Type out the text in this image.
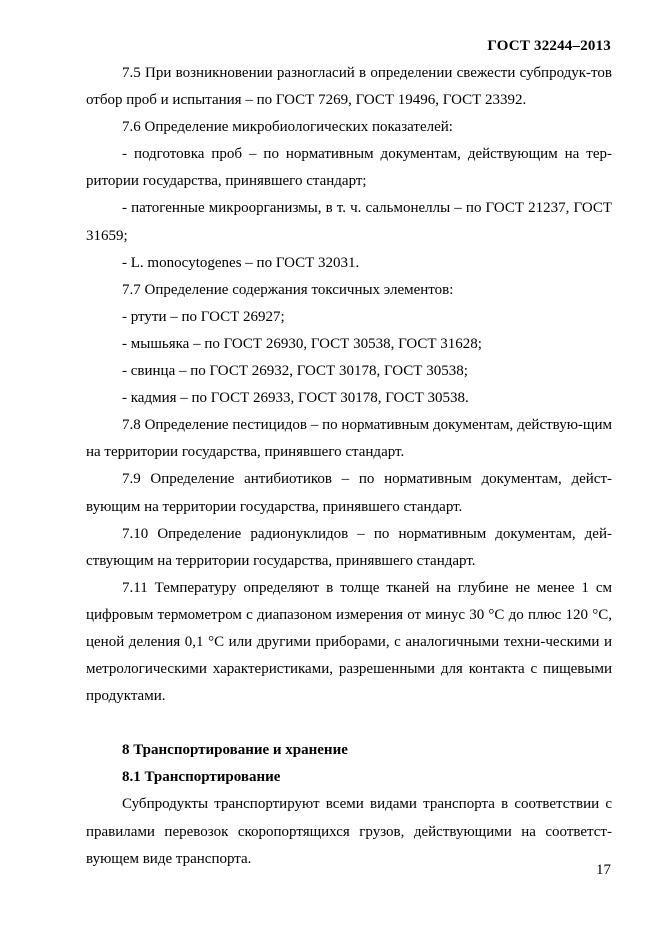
ГОСТ 32244–2013

7.5 При возникновении разногласий в определении свежести субпродук-тов отбор проб и испытания – по ГОСТ 7269, ГОСТ 19496, ГОСТ 23392.

7.6 Определение микробиологических показателей:

- подготовка проб – по нормативным документам, действующим на тер-ритории государства, принявшего стандарт;

- патогенные микроорганизмы, в т. ч. сальмонеллы – по ГОСТ 21237, ГОСТ 31659;

- L. monocytogenes – по ГОСТ 32031.

7.7 Определение содержания токсичных элементов:

- ртути – по ГОСТ 26927;

- мышьяка – по ГОСТ 26930, ГОСТ 30538, ГОСТ 31628;

- свинца – по ГОСТ 26932, ГОСТ 30178, ГОСТ 30538;

- кадмия – по ГОСТ 26933, ГОСТ 30178, ГОСТ 30538.

7.8 Определение пестицидов – по нормативным документам, действую-щим на территории государства, принявшего стандарт.

7.9 Определение антибиотиков – по нормативным документам, дейст-вующим на территории государства, принявшего стандарт.

7.10 Определение радионуклидов – по нормативным документам, дей-ствующим на территории государства, принявшего стандарт.

7.11 Температуру определяют в толще тканей на глубине не менее 1 см цифровым термометром с диапазоном измерения от минус 30 °С до плюс 120 °С, ценой деления 0,1 °С или другими приборами, с аналогичными техни-ческими и метрологическими характеристиками, разрешенными для контакта с пищевыми продуктами.

8 Транспортирование и хранение

8.1 Транспортирование

Субпродукты транспортируют всеми видами транспорта в соответствии с правилами перевозок скоропортящихся грузов, действующими на соответст-вующем виде транспорта.

17
